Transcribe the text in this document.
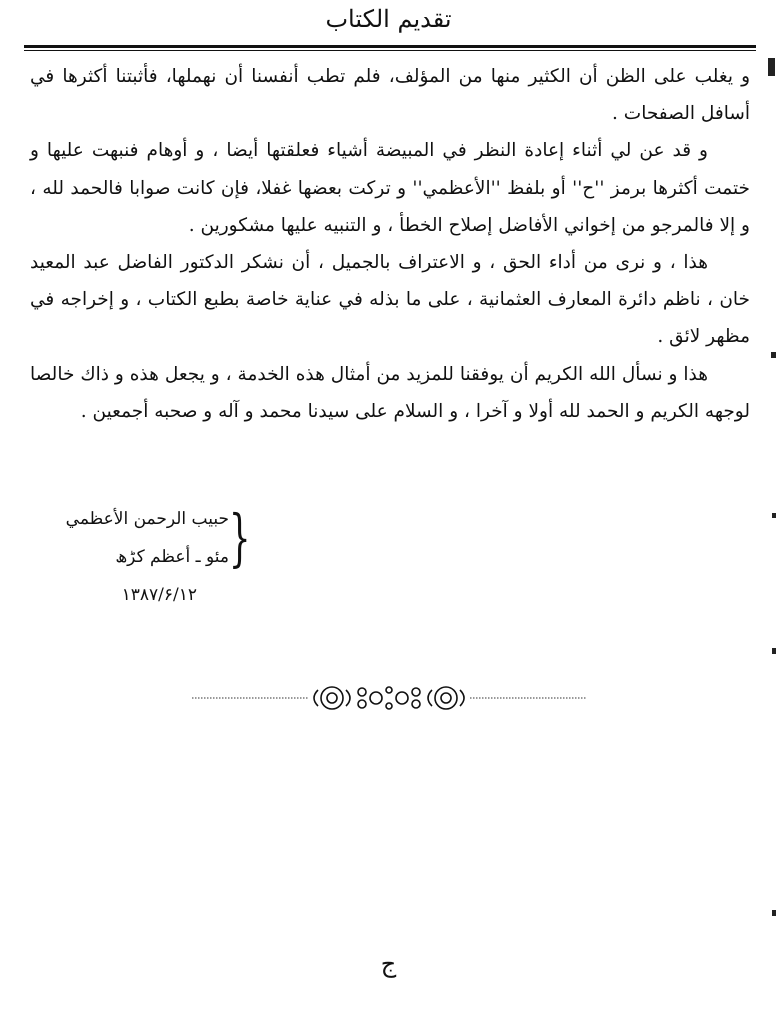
تقديم الكتاب

و يغلب على الظن أن الكثير منها من المؤلف، فلم تطب أنفسنا أن نهملها، فأثبتنا أكثرها في أسافل الصفحات .

و قد عن لي أثناء إعادة النظر في المبيضة أشياء فعلقتها أيضا ، و أوهام فنبهت عليها و ختمت أكثرها برمز ''ح'' أو بلفظ ''الأعظمي'' و تركت بعضها غفلا، فإن كانت صوابا فالحمد لله ، و إلا فالمرجو من إخواني الأفاضل إصلاح الخطأ ، و التنبيه عليها مشكورين .

هذا ، و نرى من أداء الحق ، و الاعتراف بالجميل ، أن نشكر الدكتور الفاضل عبد المعيد خان ، ناظم دائرة المعارف العثمانية ، على ما بذله في عناية خاصة بطبع الكتاب ، و إخراجه في مظهر لائق .

هذا و نسأل الله الكريم أن يوفقنا للمزيد من أمثال هذه الخدمة ، و يجعل هذه و ذاك خالصا لوجهه الكريم و الحمد لله أولا و آخرا ، و السلام على سيدنا محمد و آله و صحبه أجمعين .

}
حبيب الرحمن الأعظمي
مئو ـ أعظم كڑھ
۱۳۸۷/۶/۱۲
ج
